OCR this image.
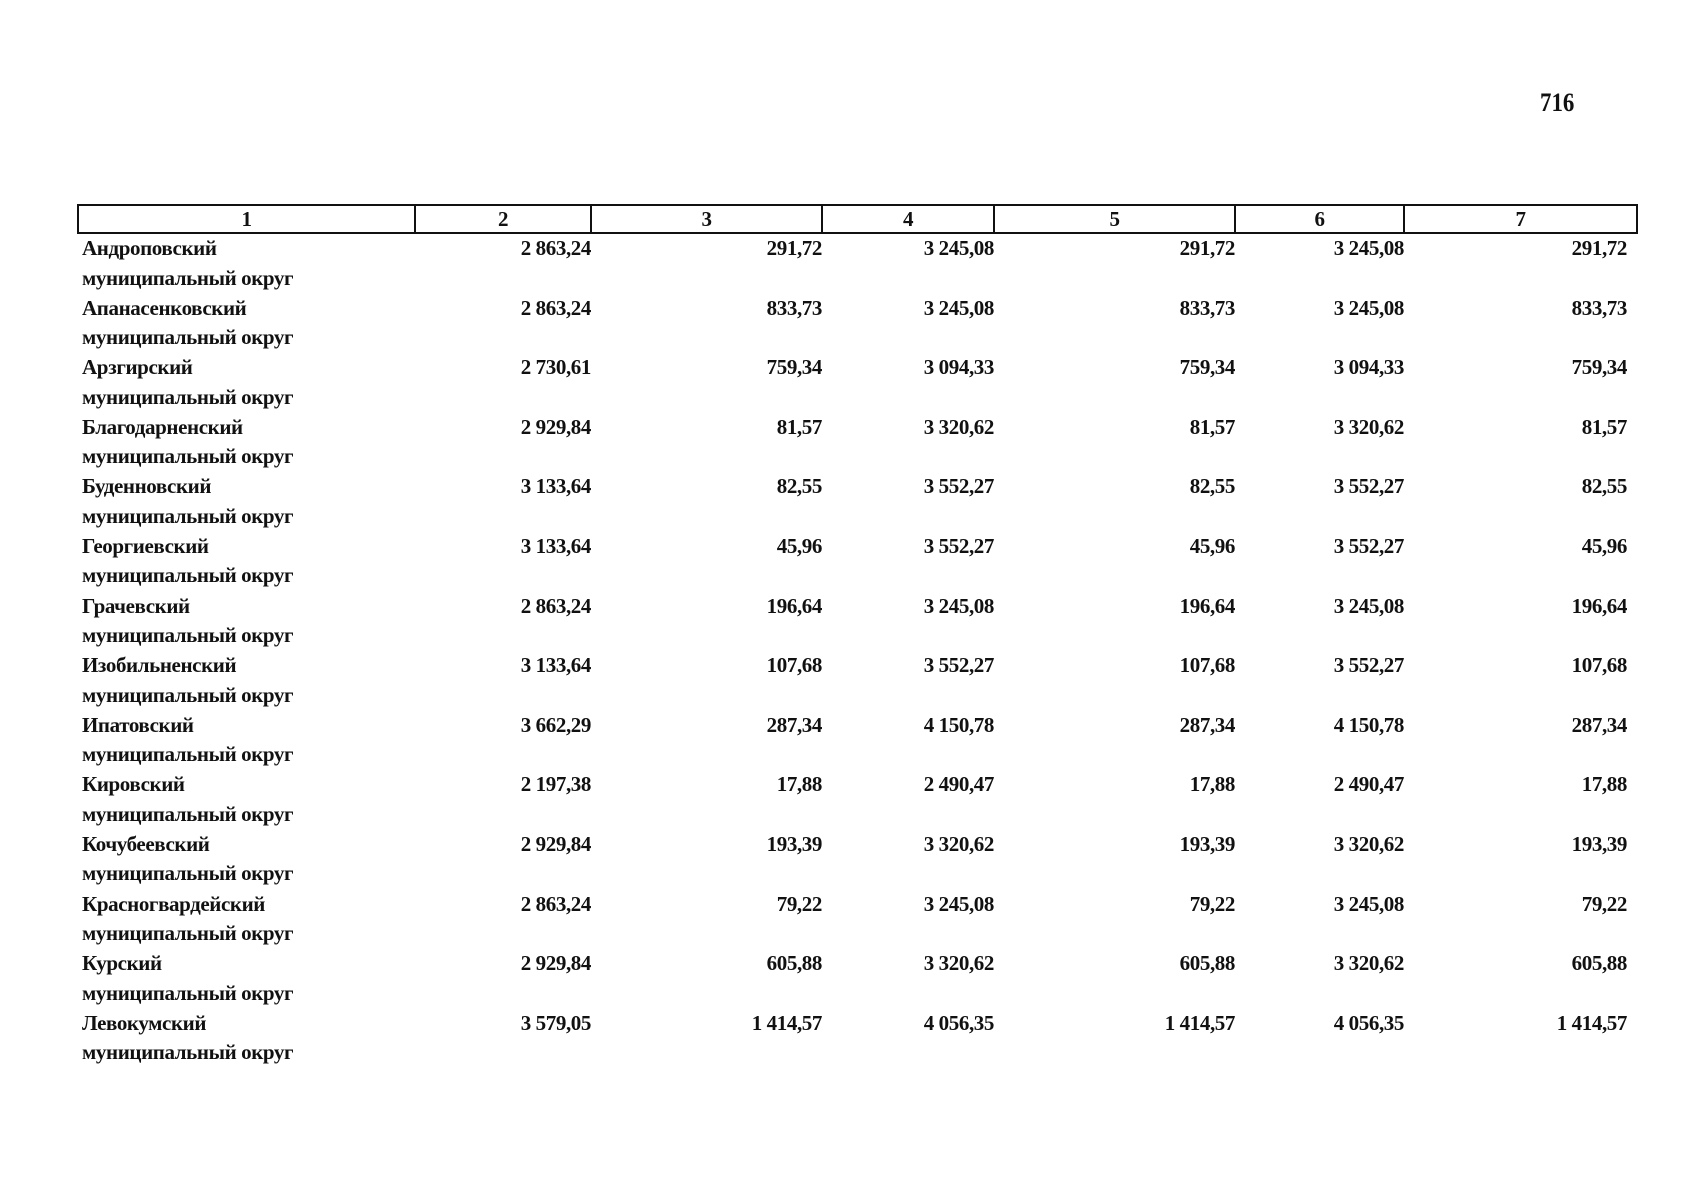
716
1	2	3	4	5	6	7

Андроповский
муниципальный округ	2 863,24	291,72	3 245,08	291,72	3 245,08	291,72

Апанасенковский
муниципальный округ	2 863,24	833,73	3 245,08	833,73	3 245,08	833,73

Арзгирский
муниципальный округ	2 730,61	759,34	3 094,33	759,34	3 094,33	759,34

Благодарненский
муниципальный округ	2 929,84	81,57	3 320,62	81,57	3 320,62	81,57

Буденновский
муниципальный округ	3 133,64	82,55	3 552,27	82,55	3 552,27	82,55

Георгиевский
муниципальный округ	3 133,64	45,96	3 552,27	45,96	3 552,27	45,96

Грачевский
муниципальный округ	2 863,24	196,64	3 245,08	196,64	3 245,08	196,64

Изобильненский
муниципальный округ	3 133,64	107,68	3 552,27	107,68	3 552,27	107,68

Ипатовский
муниципальный округ	3 662,29	287,34	4 150,78	287,34	4 150,78	287,34

Кировский
муниципальный округ	2 197,38	17,88	2 490,47	17,88	2 490,47	17,88

Кочубеевский
муниципальный округ	2 929,84	193,39	3 320,62	193,39	3 320,62	193,39

Красногвардейский
муниципальный округ	2 863,24	79,22	3 245,08	79,22	3 245,08	79,22

Курский
муниципальный округ	2 929,84	605,88	3 320,62	605,88	3 320,62	605,88

Левокумский
муниципальный округ	3 579,05	1 414,57	4 056,35	1 414,57	4 056,35	1 414,57
